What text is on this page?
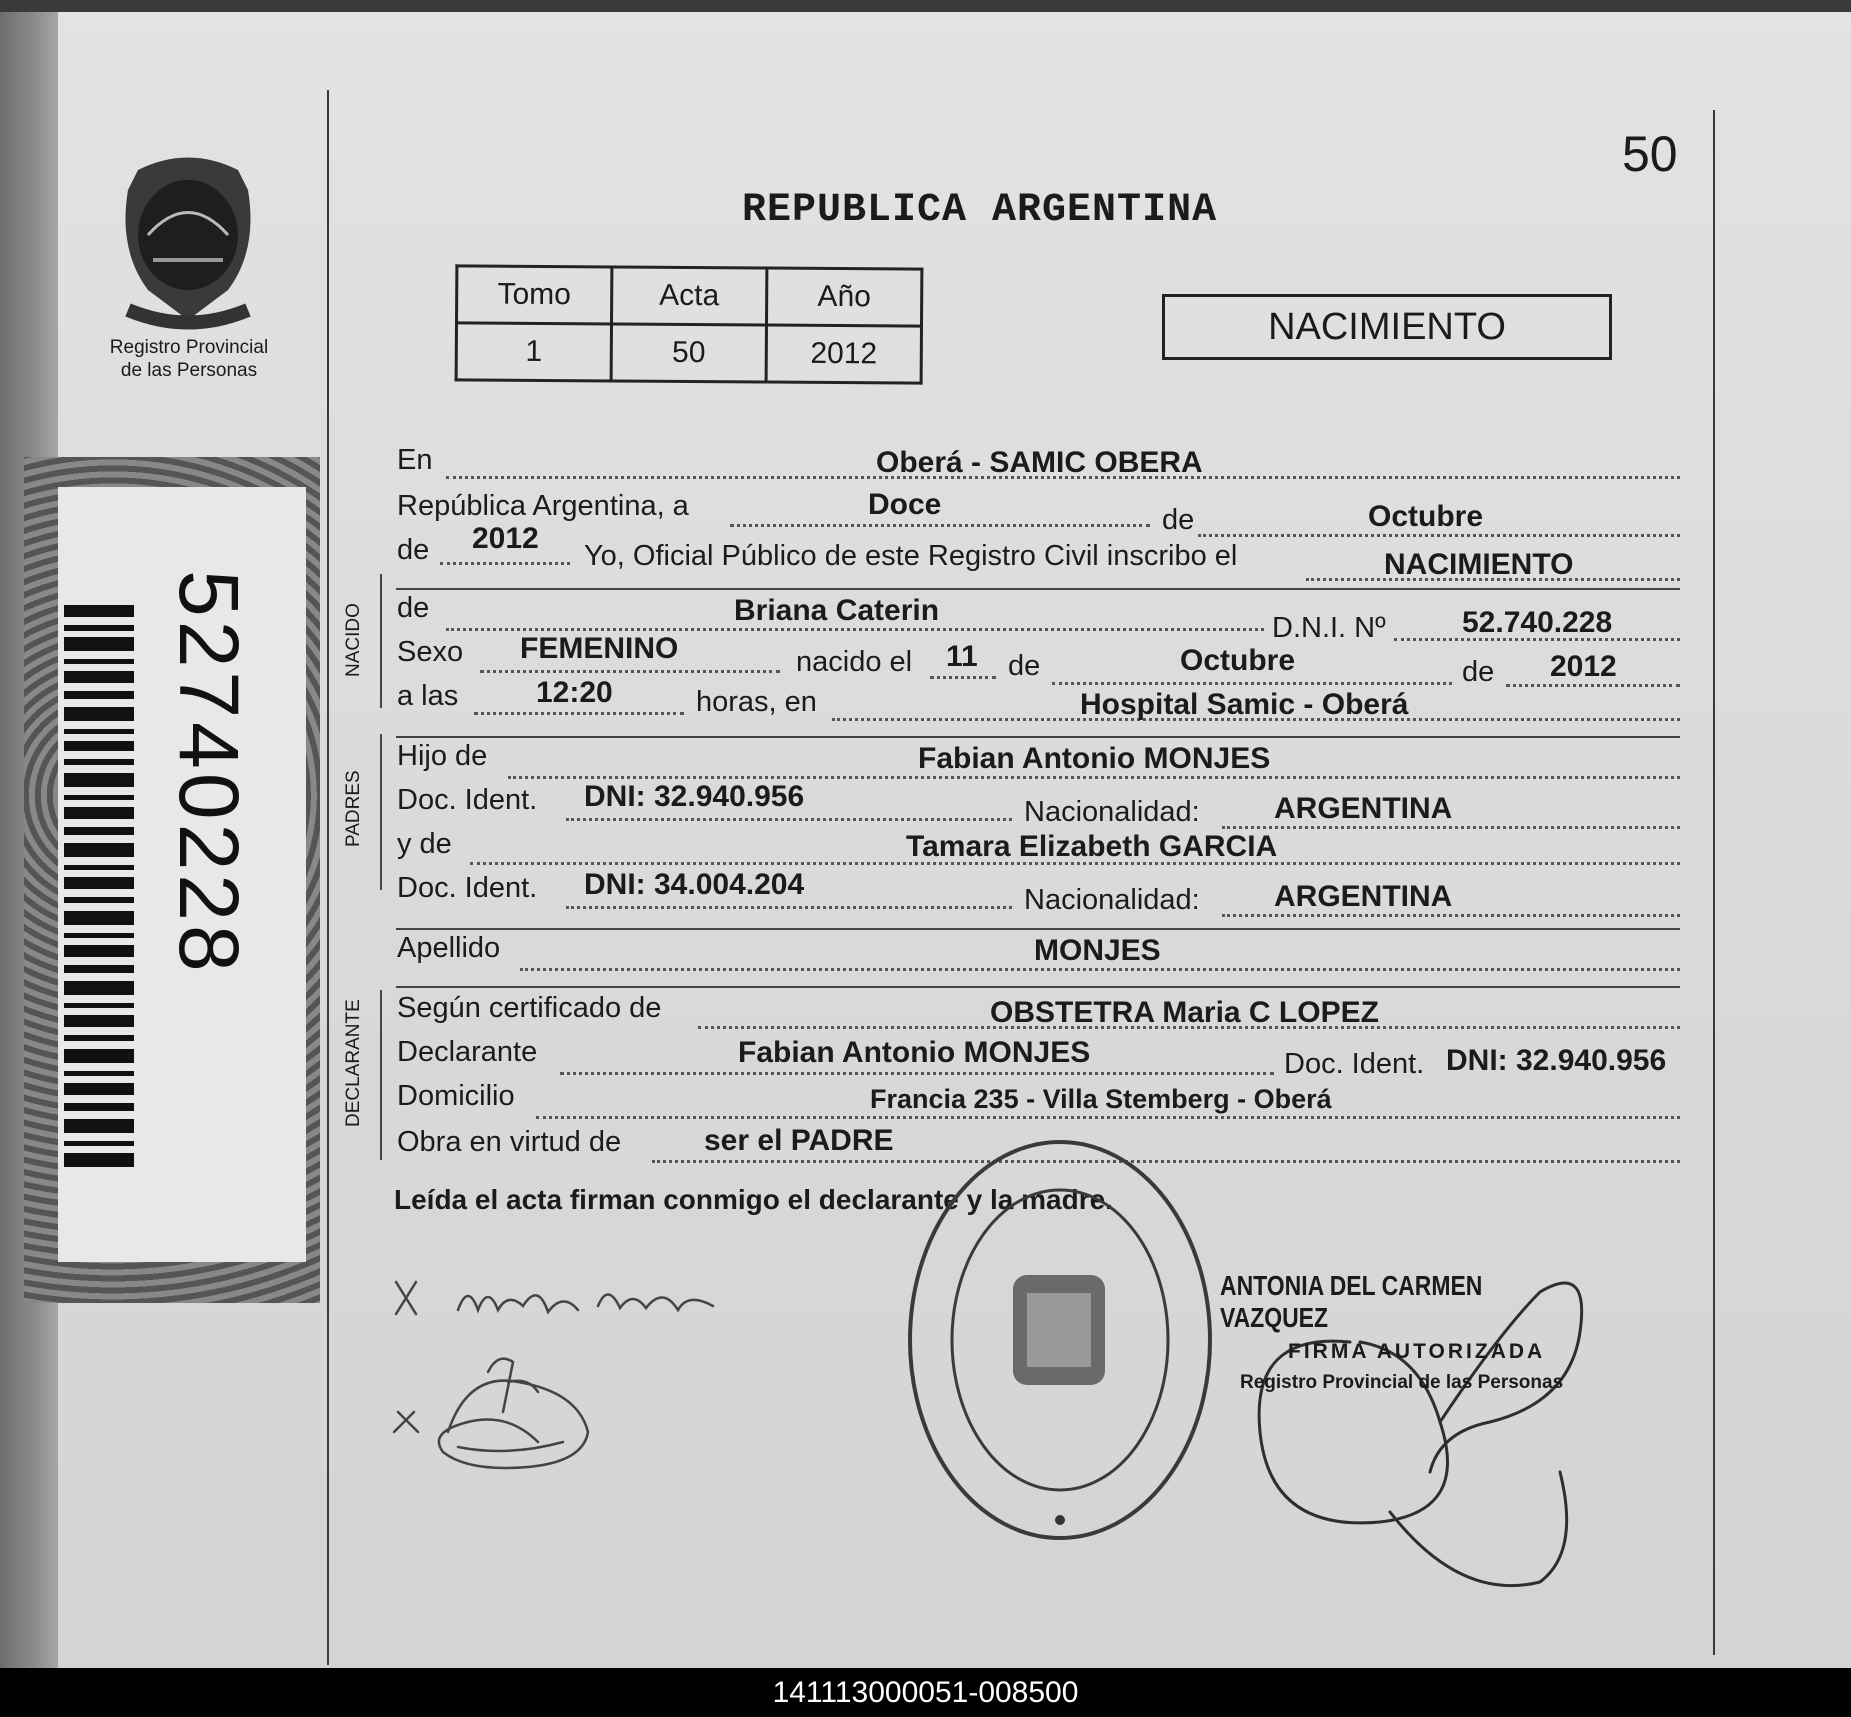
Registro Provincial
de las Personas
52740228
50
REPUBLICA ARGENTINA
Tomo	Acta	Año
1	50	2012
NACIMIENTO
NACIDO
PADRES
DECLARANTE
En	Oberá - SAMIC OBERA
República Argentina, a	Doce	de	Octubre
de 2012
Yo, Oficial Público de este Registro Civil inscribo el	NACIMIENTO
de	Briana Caterin
D.N.I. Nº	52.740.228
Sexo FEMENINO	nacido el 11 de	Octubre	de 2012
a las	12:20	horas, en	Hospital Samic - Oberá
Hijo de	Fabian Antonio MONJES
Doc. Ident. DNI: 32.940.956	Nacionalidad: ARGENTINA
y de	Tamara Elizabeth GARCIA
Doc. Ident. DNI: 34.004.204	Nacionalidad: ARGENTINA
Apellido	MONJES
Según certificado de	OBSTETRA Maria C LOPEZ
Declarante	Fabian Antonio MONJES	Doc. Ident. DNI: 32.940.956
Domicilio	Francia 235 - Villa Stemberg - Oberá
Obra en virtud de	ser el PADRE
Leída el acta firman conmigo el declarante y la madre.
ANTONIA DEL CARMEN VAZQUEZ
FIRMA AUTORIZADA
Registro Provincial de las Personas
141113000051-008500
